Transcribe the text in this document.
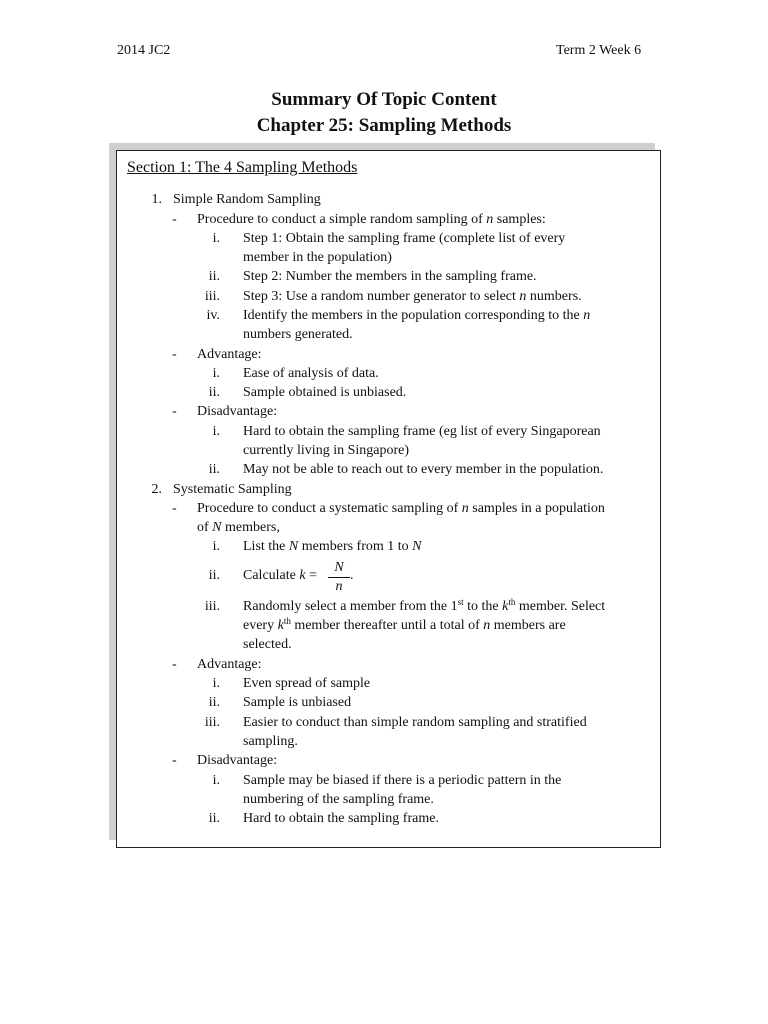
2014 JC2	Term 2 Week 6
Summary Of Topic Content
Chapter 25: Sampling Methods
Section 1: The 4 Sampling Methods
1. Simple Random Sampling
- Procedure to conduct a simple random sampling of n samples:
i. Step 1: Obtain the sampling frame (complete list of every
member in the population)
ii. Step 2: Number the members in the sampling frame.
iii. Step 3: Use a random number generator to select n numbers.
iv. Identify the members in the population corresponding to the n
numbers generated.
- Advantage:
i. Ease of analysis of data.
ii. Sample obtained is unbiased.
- Disadvantage:
i. Hard to obtain the sampling frame (eg list of every Singaporean
currently living in Singapore)
ii. May not be able to reach out to every member in the population.
2. Systematic Sampling
- Procedure to conduct a systematic sampling of n samples in a population
of N members,
i. List the N members from 1 to N
ii. Calculate k =
N
n
.
iii. Randomly select a member from the 1st to the $k^{th}$ member. Select
every $k^{th}$ member thereafter until a total of n members are
selected.
- Advantage:
i. Even spread of sample
ii. Sample is unbiased
iii. Easier to conduct than simple random sampling and stratified
sampling.
- Disadvantage:
i. Sample may be biased if there is a periodic pattern in the
numbering of the sampling frame.
ii. Hard to obtain the sampling frame.
